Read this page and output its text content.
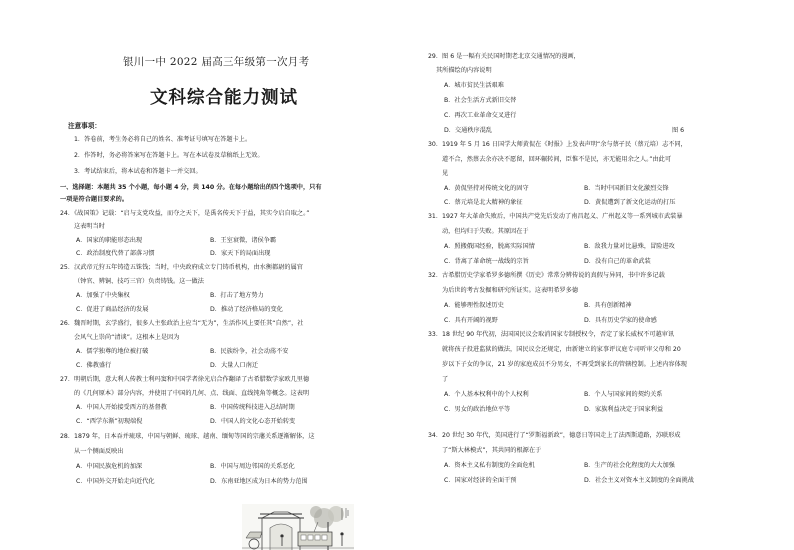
银川一中 2022 届高三年级第一次月考
文科综合能力测试
注意事项：
1．答卷前，考生务必将自己的姓名、准考证号填写在答题卡上。
2．作答时，务必将答案写在答题卡上。写在本试卷及草稿纸上无效。
3．考试结束后，将本试卷和答题卡一并交回。
一、选择题：本题共 35 个小题，每小题 4 分，共 140 分。在每小题给出的四个选项中，只有
一项是符合题目要求的。
24．《战国策》记载：“启与支党攻益，而夺之天下，是禹名传天下于益，其实令启自取之。”
这表明当时
A．国家的职能形态出现	B．王室衰微，诸侯争霸
C．政治制度代替了部落习惯	D．家天下的局面出现
25．汉武帝元狩五年铸造五铢钱；当时，中央政府成立专门铸币机构，由水衡都尉的属官
（钟官、辨铜、技巧三官）负责铸钱。这一做法
A．加强了中央集权	B．打击了地方势力
C．促进了商品经济的发展	D．推动了经济格局的变化
26．魏晋时期，玄学盛行，很多人主张政治上应当“无为”，生活作风上要任其“自然”，社
会风气上崇尚“清谈”。这根本上是因为
A．儒学独尊的地位被打破	B．民族纷争，社会动荡不安
C．佛教盛行	D．大量人口南迁
27．明朝后期，意大利人传教士利玛窦和中国学者徐光启合作翻译了古希腊数学家欧几里德
的《几何原本》部分内容，并使用了中国的几何、点、线面、直线钝角等概念。这表明
A．中国人开始接受西方的基督教	B．中国传统科技进入总结时期
C．“西学东渐”初现端倪	D．中国人的文化心态开始转变
28．1879 年，日本吞并琉球，中国与朝鲜、琉球、越南、缅甸等国的宗藩关系逐渐解体，这
从一个侧面反映出
A．中国民族危机的加深	B．中国与周边邻国的关系恶化
C．中国外交开始走向近代化	D．东南亚地区成为日本的势力范围
29．图 6 是一幅有关民国时期老北京交通情况的漫画，
其所描绘的内容说明
A．城市贫民生活艰难
B．社会生活方式新旧交替
C．再次工业革命交叉进行
D．交通秩序混乱	图 6
30．1919 年 5 月 16 日国学大师黄侃在《时报》上发表声明“余与蔡孑民（蔡元培）志不同，
道不合，然蔡去余亦决不愿留，回环辗转间，臣惟不是民，亦无能用余之人。”由此可
见
A．黄侃坚持对传统文化的固守	B．当时中国新旧文化激烈交锋
C．蔡元培是北大精神的象征	D．黄侃遭到了新文化运动的打压
31．1927 年大革命失败后，中国共产党先后发动了南昌起义、广州起义等一系列城市武装暴
动，但均归于失败。其原因在于
A．照搬俄国经验，脱离实际国情	B．敌我力量对比悬殊，冒险进攻
C．背离了革命统一战线的宗旨	D．没有自己的革命武装
32．古希腊历史学家希罗多德所撰《历史》常常分辨传说的真假与异同，书中许多记载
为后世的考古发掘和研究所证实。这表明希罗多德
A．能够理性叙述历史	B．具有创新精神
C．具有开阔的视野	D．具有历史学家的使命感
33．18 世纪 90 年代初，法国国民议会取消国家专制授权令，否定了家长威权不可越审讯
就将孩子投进监狱的做法，国民议会还规定，由新建立的家事评议庭专司听审父母和 20
岁以下子女的争议，21 岁的家庭成员不分男女，不再受到家长的管辖控制。上述内容体现
了
A．个人基本权利中的个人权利	B．个人与国家间的契约关系
C．男女的政治地位平等	D．家族利益决定于国家利益
34．20 世纪 30 年代，美国进行了“罗斯福新政”，德意日等国走上了法西斯道路，苏联形成
了“斯大林模式”，其共同的根源在于
A．资本主义私有制度的全面危机	B．生产的社会化程度的大大加强
C．国家对经济的全面干预	D．社会主义对资本主义制度的全面挑战
